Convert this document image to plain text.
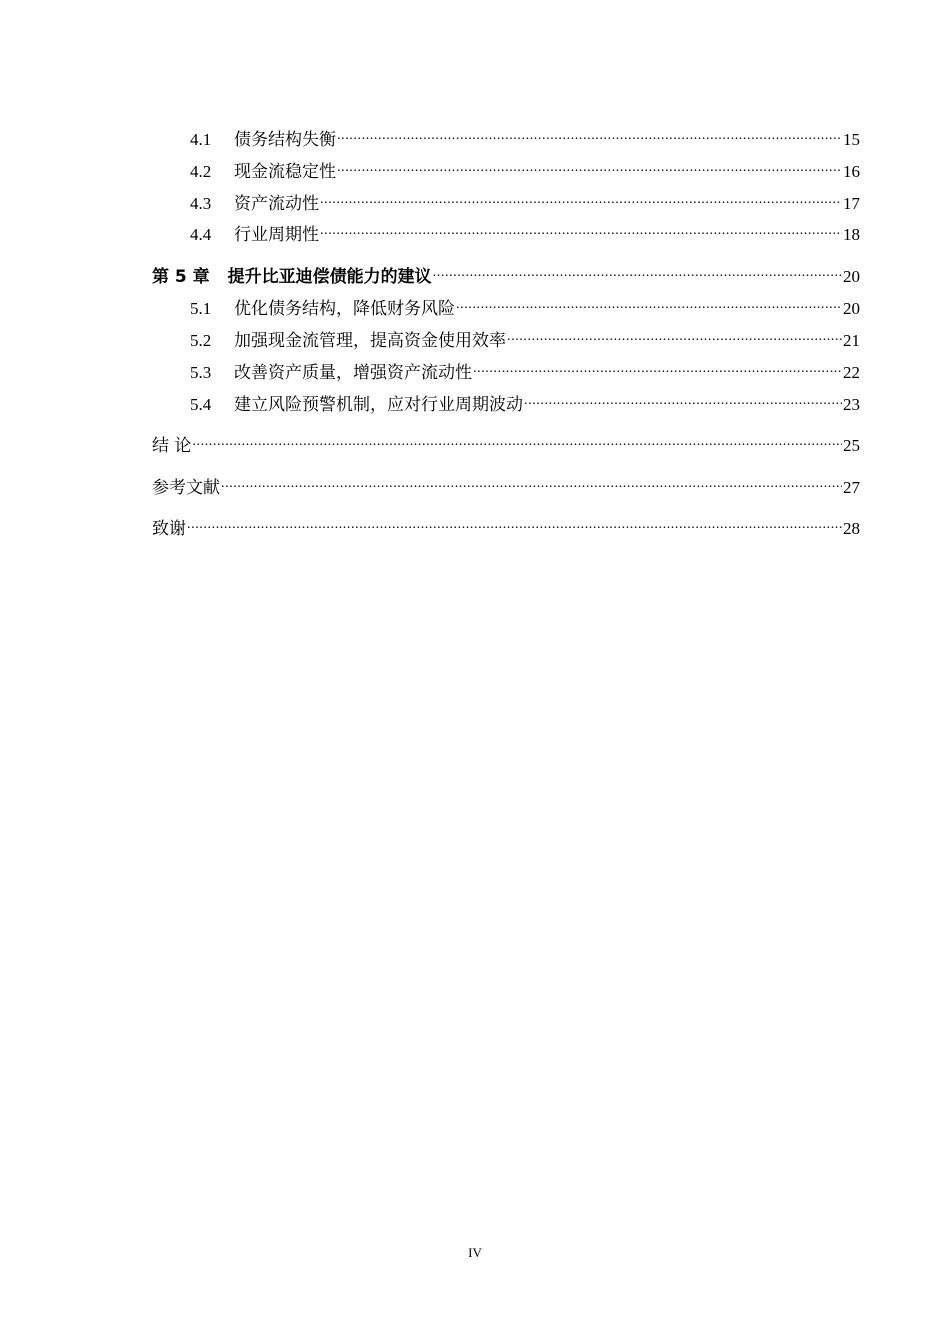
4.1	债务结构失衡 .....	15
4.2	现金流稳定性 .....	16
4.3	资产流动性 .....	17
4.4	行业周期性 .....	18
第 5 章 提升比亚迪偿债能力的建议 .....	20
5.1	优化债务结构，降低财务风险 .....	20
5.2	加强现金流管理，提高资金使用效率 .....	21
5.3	改善资产质量，增强资产流动性 .....	22
5.4	建立风险预警机制，应对行业周期波动 .....	23
结 论 .....	25
参考文献 .....	27
致谢 .....	28
IV
